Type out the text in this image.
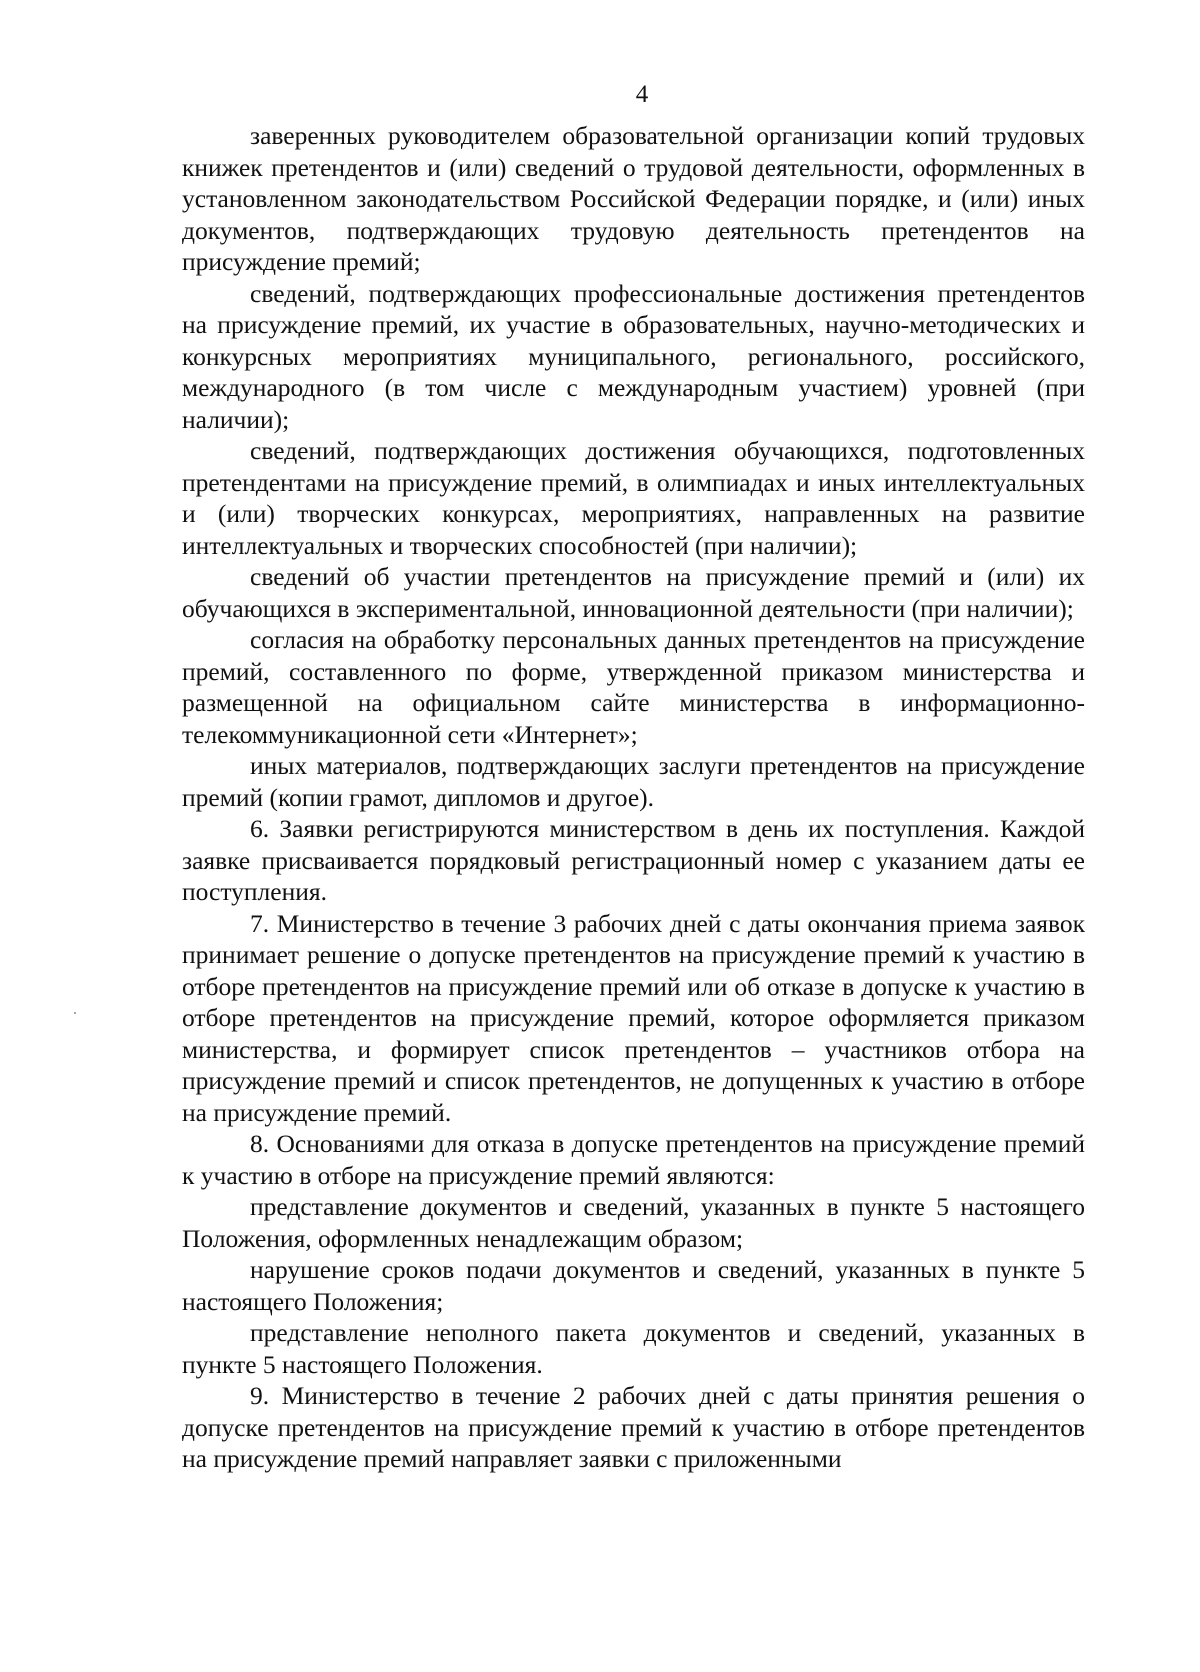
4

заверенных руководителем образовательной организации копий трудовых книжек претендентов и (или) сведений о трудовой деятельности, оформленных в установленном законодательством Российской Федерации порядке, и (или) иных документов, подтверждающих трудовую деятельность претендентов на присуждение премий;

сведений, подтверждающих профессиональные достижения претендентов на присуждение премий, их участие в образовательных, научно-методических и конкурсных мероприятиях муниципального, регионального, российского, международного (в том числе с международным участием) уровней (при наличии);

сведений, подтверждающих достижения обучающихся, подготовленных претендентами на присуждение премий, в олимпиадах и иных интеллектуальных и (или) творческих конкурсах, мероприятиях, направленных на развитие интеллектуальных и творческих способностей (при наличии);

сведений об участии претендентов на присуждение премий и (или) их обучающихся в экспериментальной, инновационной деятельности (при наличии);

согласия на обработку персональных данных претендентов на присуждение премий, составленного по форме, утвержденной приказом министерства и размещенной на официальном сайте министерства в информационно-телекоммуникационной сети «Интернет»;

иных материалов, подтверждающих заслуги претендентов на присуждение премий (копии грамот, дипломов и другое).

6. Заявки регистрируются министерством в день их поступления. Каждой заявке присваивается порядковый регистрационный номер с указанием даты ее поступления.

7. Министерство в течение 3 рабочих дней с даты окончания приема заявок принимает решение о допуске претендентов на присуждение премий к участию в отборе претендентов на присуждение премий или об отказе в допуске к участию в отборе претендентов на присуждение премий, которое оформляется приказом министерства, и формирует список претендентов – участников отбора на присуждение премий и список претендентов, не допущенных к участию в отборе на присуждение премий.

8. Основаниями для отказа в допуске претендентов на присуждение премий к участию в отборе на присуждение премий являются:

представление документов и сведений, указанных в пункте 5 настоящего Положения, оформленных ненадлежащим образом;

нарушение сроков подачи документов и сведений, указанных в пункте 5 настоящего Положения;

представление неполного пакета документов и сведений, указанных в пункте 5 настоящего Положения.

9. Министерство в течение 2 рабочих дней с даты принятия решения о допуске претендентов на присуждение премий к участию в отборе претендентов на присуждение премий направляет заявки с приложенными
